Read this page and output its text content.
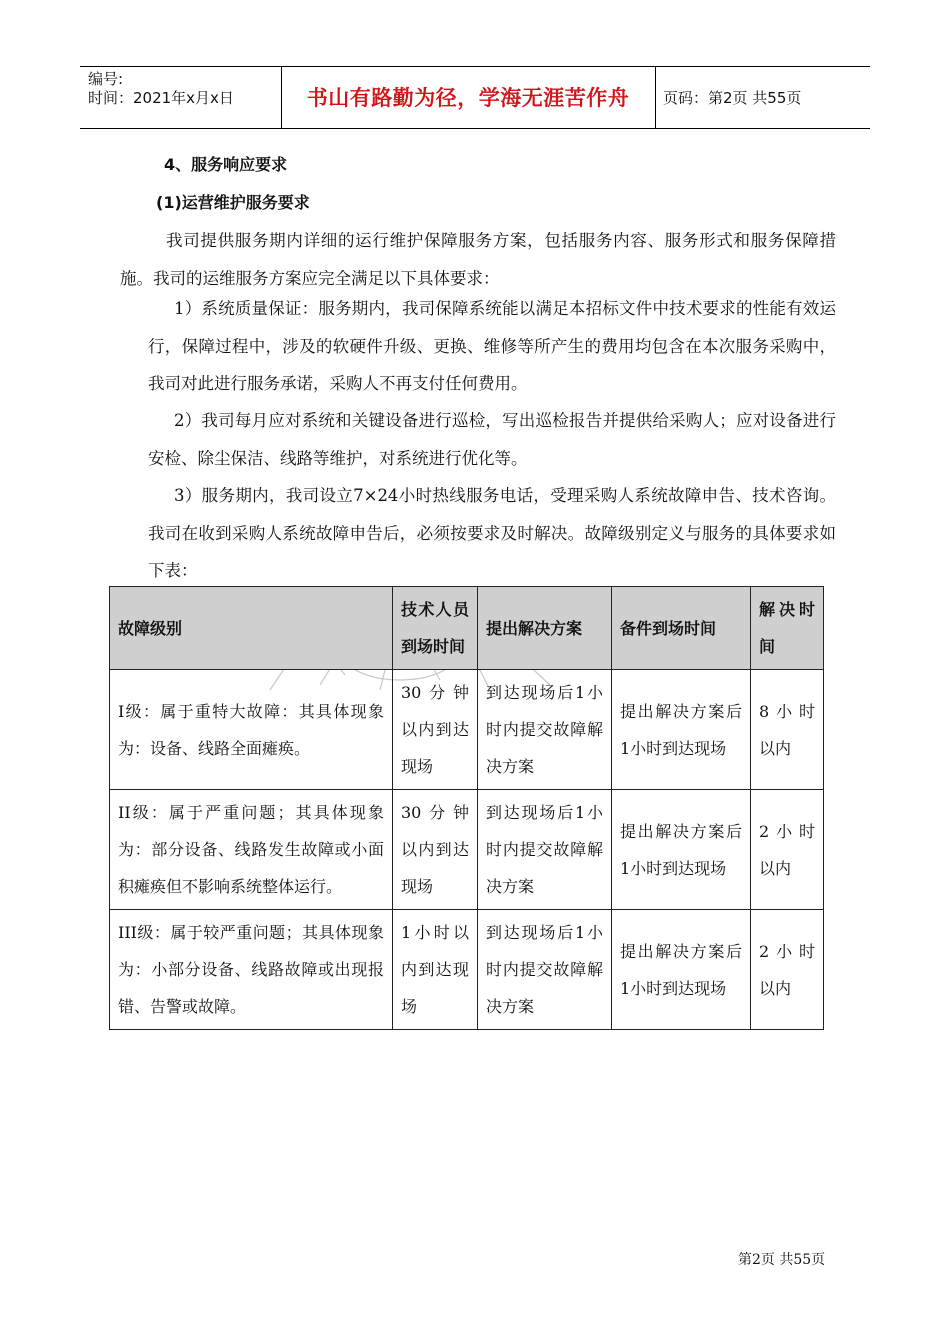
编号:
时间：2021年x月x日	书山有路勤为径，学海无涯苦作舟	页码：第2页 共55页
4、服务响应要求
(1)运营维护服务要求
我司提供服务期内详细的运行维护保障服务方案，包括服务内容、服务形式和服务保障措施。我司的运维服务方案应完全满足以下具体要求：
1）系统质量保证：服务期内，我司保障系统能以满足本招标文件中技术要求的性能有效运行，保障过程中，涉及的软硬件升级、更换、维修等所产生的费用均包含在本次服务采购中，我司对此进行服务承诺，采购人不再支付任何费用。
2）我司每月应对系统和关键设备进行巡检，写出巡检报告并提供给采购人；应对设备进行安检、除尘保洁、线路等维护，对系统进行优化等。
3）服务期内，我司设立7×24小时热线服务电话，受理采购人系统故障申告、技术咨询。我司在收到采购人系统故障申告后，必须按要求及时解决。故障级别定义与服务的具体要求如下表：
故障级别	技术人员到场时间	提出解决方案	备件到场时间	解决时间
I级：属于重特大故障：其具体现象为：设备、线路全面瘫痪。	30分钟以内到达现场	到达现场后1小时内提交故障解决方案	提出解决方案后1小时到达现场	8小时以内
II级：属于严重问题；其具体现象为：部分设备、线路发生故障或小面积瘫痪但不影响系统整体运行。	30分钟以内到达现场	到达现场后1小时内提交故障解决方案	提出解决方案后1小时到达现场	2小时以内
III级：属于较严重问题；其具体现象为：小部分设备、线路故障或出现报错、告警或故障。	1小时以内到达现场	到达现场后1小时内提交故障解决方案	提出解决方案后1小时到达现场	2小时以内
第2页 共55页
